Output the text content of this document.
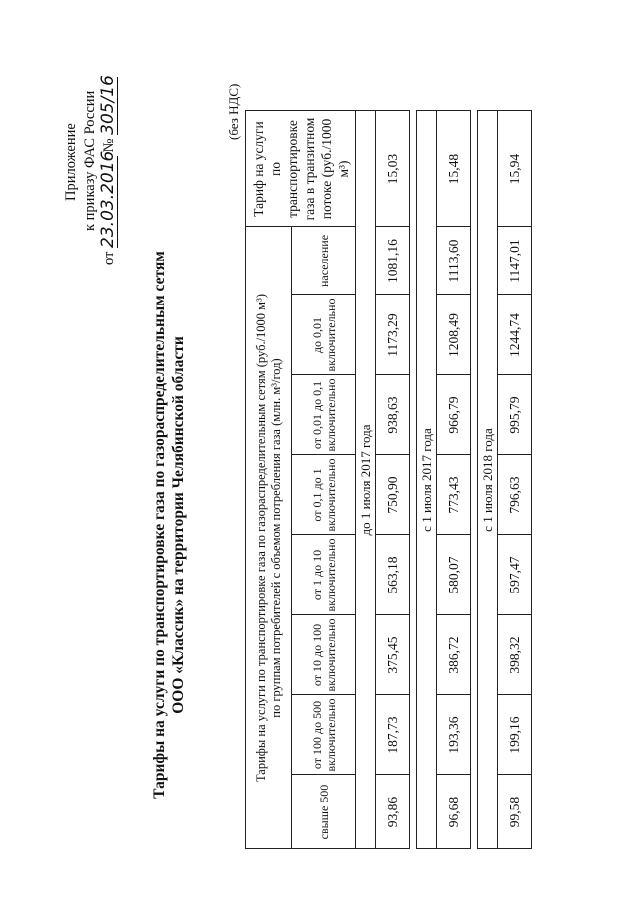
Приложение к приказу ФАС России
от 23.03.2016 № 305/16
Тарифы на услуги по транспортировке газа по газораспределительным сетям ООО «Классик» на территории Челябинской области
(без НДС)

	Тарифы на услуги по транспортировке газа по газораспределительным сетям (руб./1000 м³) по группам потребителей с объемом потребления газа (млн. м³/год)								Тариф на услуги по транспортировке газа в транзитном потоке (руб./1000 м³)
	свыше 500	от 100 до 500 включительно	от 10 до 100 включительно	от 1 до 10 включительно	от 0,1 до 1 включительно	от 0,01 до 0,1 включительно	до 0,01 включительно	население	
	до 1 июля 2017 года								
	93,86	187,73	375,45	563,18	750,90	938,63	1173,29	1081,16	15,03

	с 1 июля 2017 года								
	96,68	193,36	386,72	580,07	773,43	966,79	1208,49	1113,60	15,48

	с 1 июля 2018 года								
	99,58	199,16	398,32	597,47	796,63	995,79	1244,74	1147,01	15,94
